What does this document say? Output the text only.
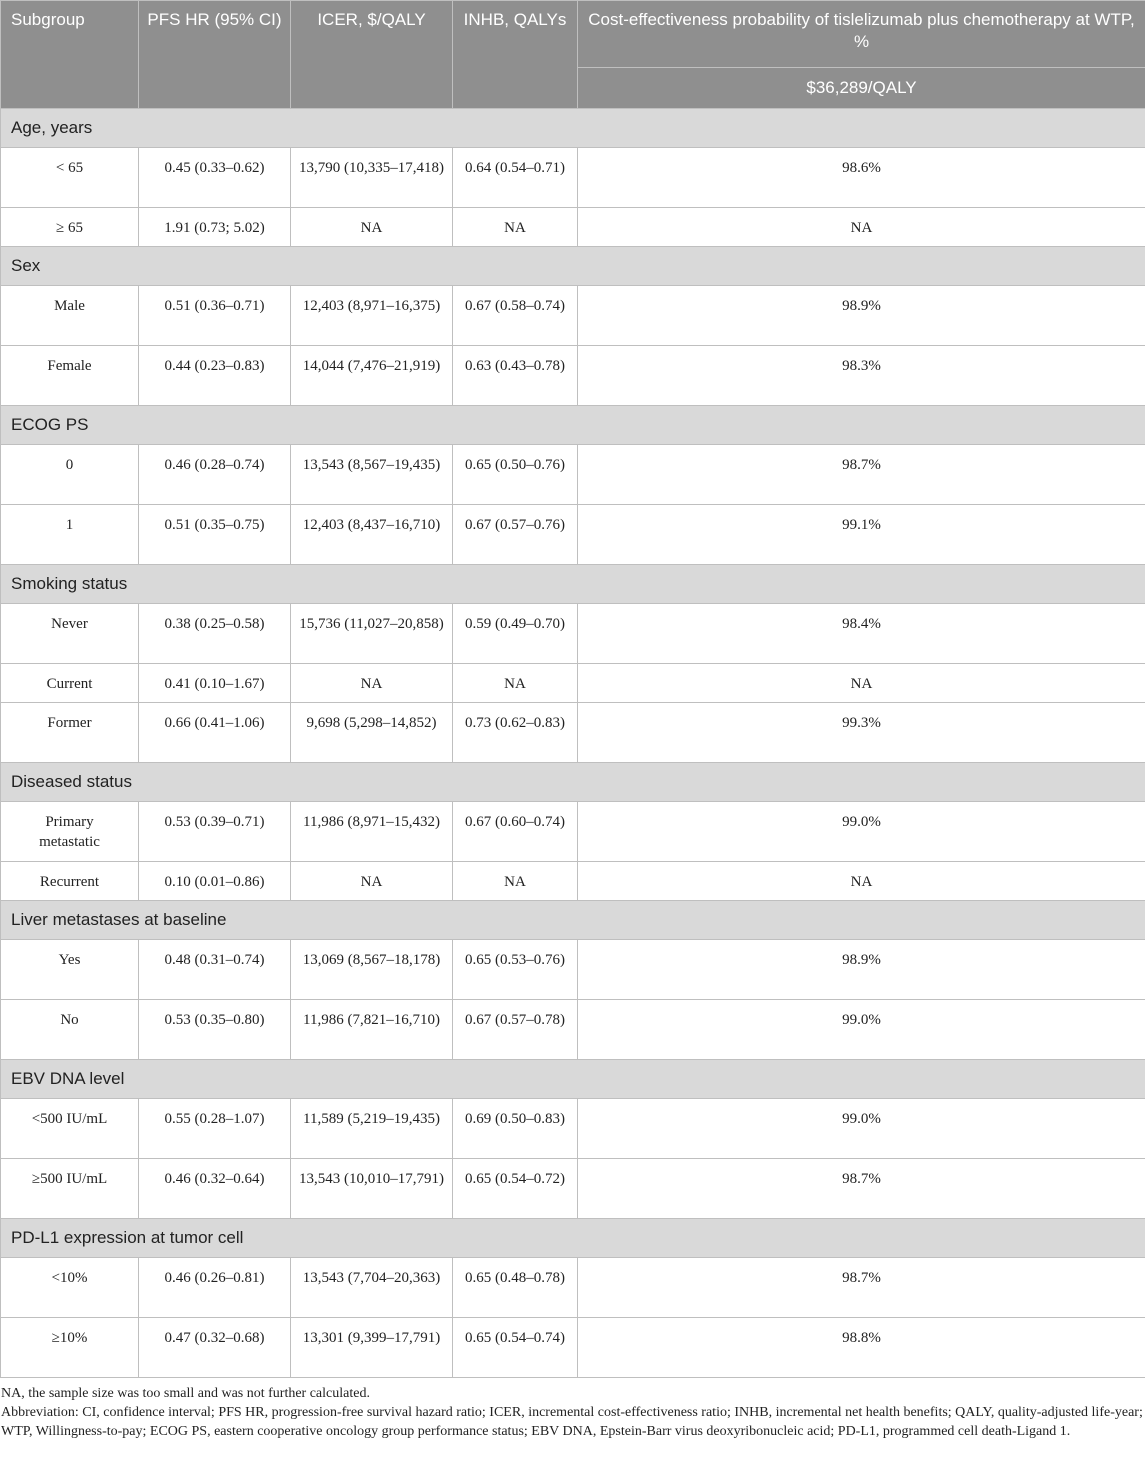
Subgroup	PFS HR (95% CI)	ICER, $/QALY	INHB, QALYs	Cost-effectiveness probability of tislelizumab plus chemotherapy at WTP, %
				$36,289/QALY
Age, years				
< 65	0.45 (0.33–0.62)	13,790 (10,335–17,418)	0.64 (0.54–0.71)	98.6%
≥ 65	1.91 (0.73; 5.02)	NA	NA	NA
Sex				
Male	0.51 (0.36–0.71)	12,403 (8,971–16,375)	0.67 (0.58–0.74)	98.9%
Female	0.44 (0.23–0.83)	14,044 (7,476–21,919)	0.63 (0.43–0.78)	98.3%
ECOG PS				
0	0.46 (0.28–0.74)	13,543 (8,567–19,435)	0.65 (0.50–0.76)	98.7%
1	0.51 (0.35–0.75)	12,403 (8,437–16,710)	0.67 (0.57–0.76)	99.1%
Smoking status				
Never	0.38 (0.25–0.58)	15,736 (11,027–20,858)	0.59 (0.49–0.70)	98.4%
Current	0.41 (0.10–1.67)	NA	NA	NA
Former	0.66 (0.41–1.06)	9,698 (5,298–14,852)	0.73 (0.62–0.83)	99.3%
Diseased status				
Primary metastatic	0.53 (0.39–0.71)	11,986 (8,971–15,432)	0.67 (0.60–0.74)	99.0%
Recurrent	0.10 (0.01–0.86)	NA	NA	NA
Liver metastases at baseline				
Yes	0.48 (0.31–0.74)	13,069 (8,567–18,178)	0.65 (0.53–0.76)	98.9%
No	0.53 (0.35–0.80)	11,986 (7,821–16,710)	0.67 (0.57–0.78)	99.0%
EBV DNA level				
<500 IU/mL	0.55 (0.28–1.07)	11,589 (5,219–19,435)	0.69 (0.50–0.83)	99.0%
≥500 IU/mL	0.46 (0.32–0.64)	13,543 (10,010–17,791)	0.65 (0.54–0.72)	98.7%
PD-L1 expression at tumor cell				
<10%	0.46 (0.26–0.81)	13,543 (7,704–20,363)	0.65 (0.48–0.78)	98.7%
≥10%	0.47 (0.32–0.68)	13,301 (9,399–17,791)	0.65 (0.54–0.74)	98.8%

NA, the sample size was too small and was not further calculated.

Abbreviation: CI, confidence interval; PFS HR, progression-free survival hazard ratio; ICER, incremental cost-effectiveness ratio; INHB, incremental net health benefits; QALY, quality-adjusted life-year; WTP, Willingness-to-pay; ECOG PS, eastern cooperative oncology group performance status; EBV DNA, Epstein-Barr virus deoxyribonucleic acid; PD-L1, programmed cell death-Ligand 1.
